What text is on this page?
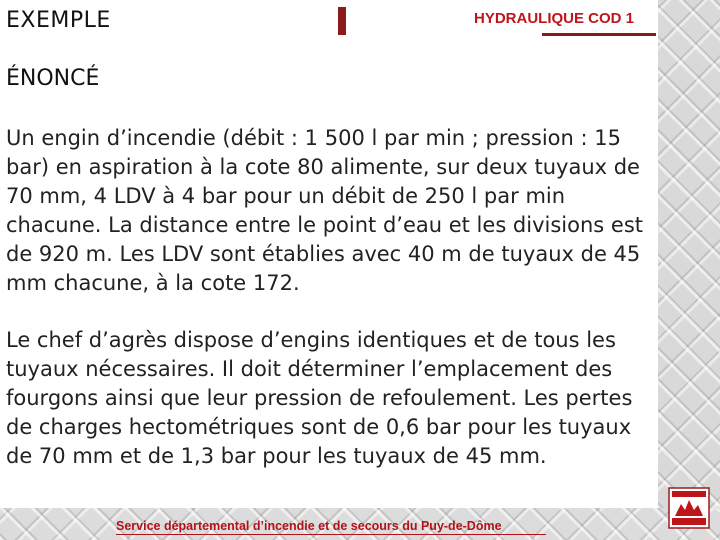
EXEMPLE	HYDRAULIQUE COD 1
ÉNONCÉ
Un engin d’incendie (débit : 1 500 l par min ; pression : 15 bar) en aspiration à la cote 80 alimente, sur deux tuyaux de 70 mm, 4 LDV à 4 bar pour un débit de 250 l par min chacune. La distance entre le point d’eau et les divisions est de 920 m. Les LDV sont établies avec 40 m de tuyaux de 45 mm chacune, à la cote 172.
Le chef d’agrès dispose d’engins identiques et de tous les tuyaux nécessaires. Il doit déterminer l’emplacement des fourgons ainsi que leur pression de refoulement. Les pertes de charges hectométriques sont de 0,6 bar pour les tuyaux de 70 mm et de 1,3 bar pour les tuyaux de 45 mm.
Service départemental d’incendie et de secours du Puy-de-Dôme
